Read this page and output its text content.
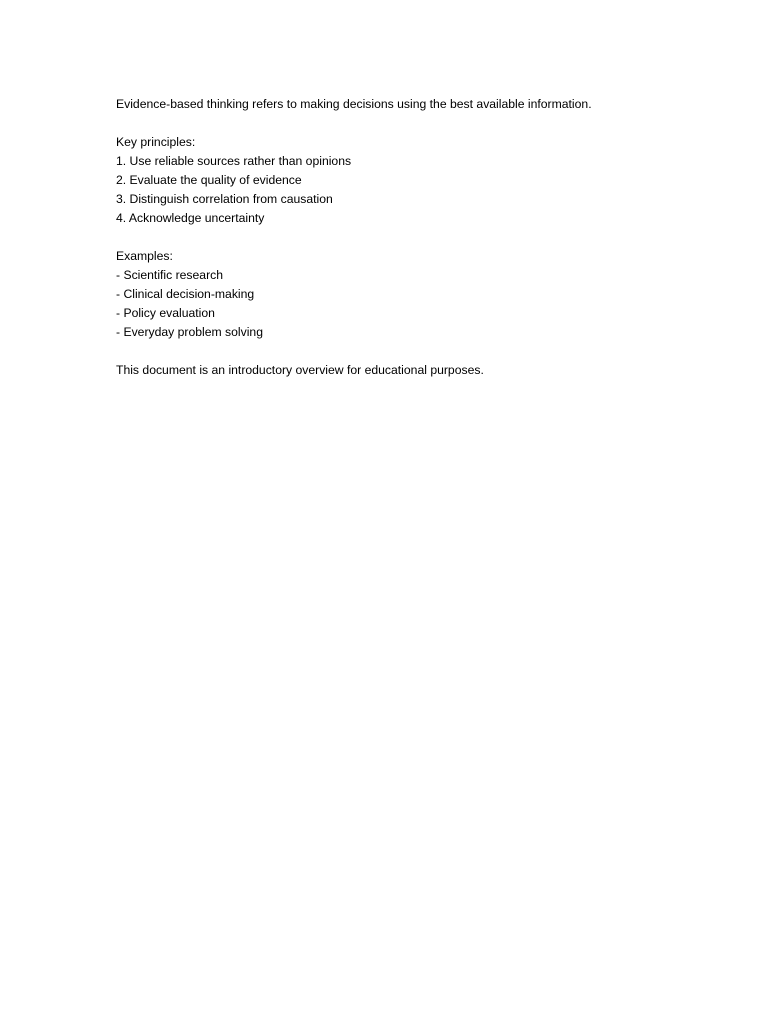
Evidence-based thinking refers to making decisions using the best available information.
Key principles:
1. Use reliable sources rather than opinions
2. Evaluate the quality of evidence
3. Distinguish correlation from causation
4. Acknowledge uncertainty
Examples:
- Scientific research
- Clinical decision-making
- Policy evaluation
- Everyday problem solving
This document is an introductory overview for educational purposes.
